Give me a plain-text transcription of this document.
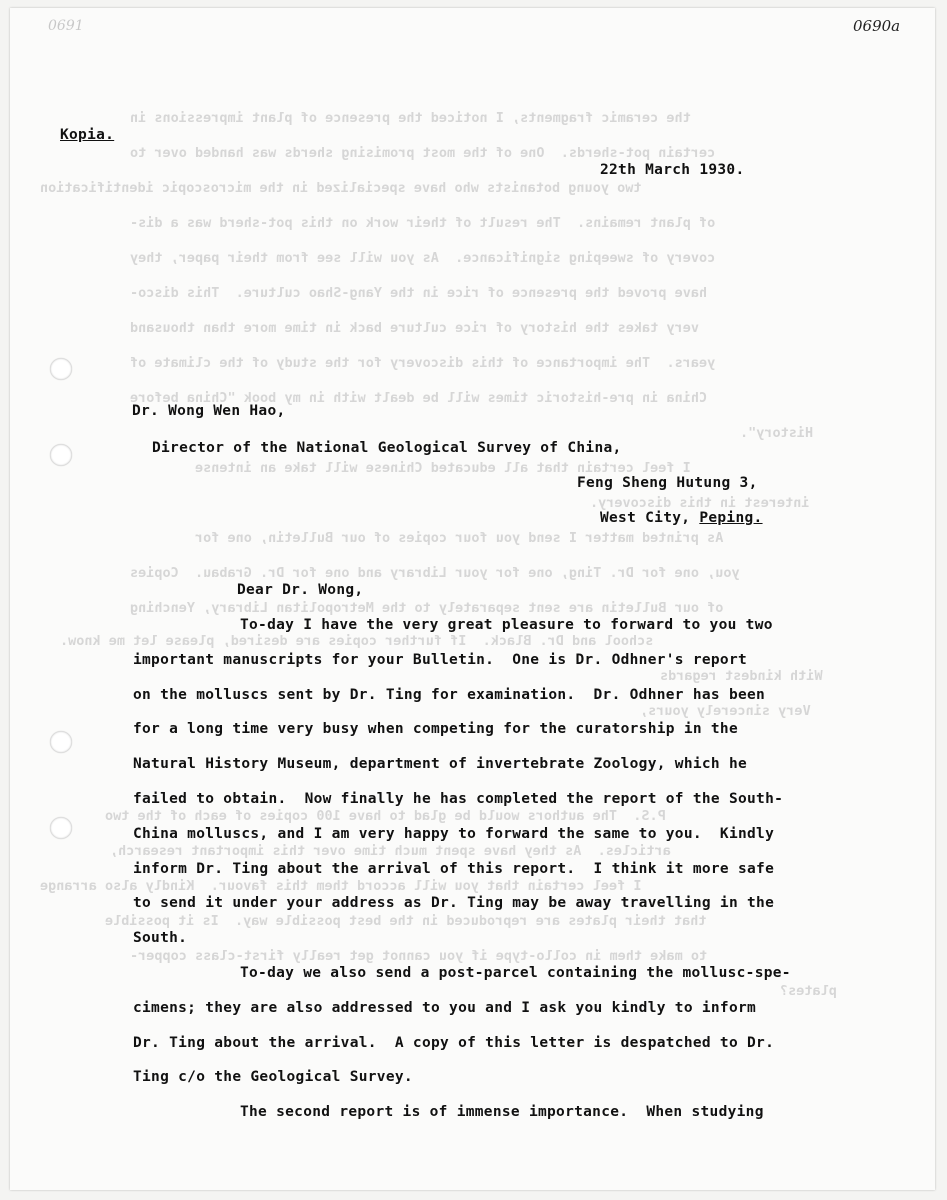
0691	0690a
the ceramic fragments, I noticed the presence of plant impressions in
certain pot-sherds.  One of the most promising sherds was handed over to
two young botanists who have specialized in the microscopic identification
of plant remains.  The result of their work on this pot-sherd was a dis-
covery of sweeping significance.  As you will see from their paper, they
have proved the presence of rice in the Yang-Shao culture.  This disco-
very takes the history of rice culture back in time more than thousand
years.  The importance of this discovery for the study of the climate of
China in pre-historic times will be dealt with in my book "China before
History".
I feel certain that all educated Chinese will take an intense
interest in this discovery.
As printed matter I send you four copies of our Bulletin, one for
you, one for Dr. Ting, one for your Library and one for Dr. Grabau.  Copies
of our Bulletin are sent separately to the Metropolitan Library, Yenching
school and Dr. Black.  If further copies are desired, please let me know.
With kindest regards
Very sincerely yours,
P.S.  The authors would be glad to have 100 copies of each of the two
articles.  As they have spent much time over this important research,
I feel certain that you will accord them this favour.  Kindly also arrange
that their plates are reproduced in the best possible way.  Is it possible
to make them in collo-type if you cannot get really first-class copper-
plates?
Kopia.
22th March 1930.
Dr. Wong Wen Hao,
Director of the National Geological Survey of China,
Feng Sheng Hutung 3,
West City, Peping.
Dear Dr. Wong,
To-day I have the very great pleasure to forward to you two
important manuscripts for your Bulletin.  One is Dr. Odhner's report
on the molluscs sent by Dr. Ting for examination.  Dr. Odhner has been
for a long time very busy when competing for the curatorship in the
Natural History Museum, department of invertebrate Zoology, which he
failed to obtain.  Now finally he has completed the report of the South-
China molluscs, and I am very happy to forward the same to you.  Kindly
inform Dr. Ting about the arrival of this report.  I think it more safe
to send it under your address as Dr. Ting may be away travelling in the
South.
To-day we also send a post-parcel containing the mollusc-spe-
cimens; they are also addressed to you and I ask you kindly to inform
Dr. Ting about the arrival.  A copy of this letter is despatched to Dr.
Ting c/o the Geological Survey.
The second report is of immense importance.  When studying
